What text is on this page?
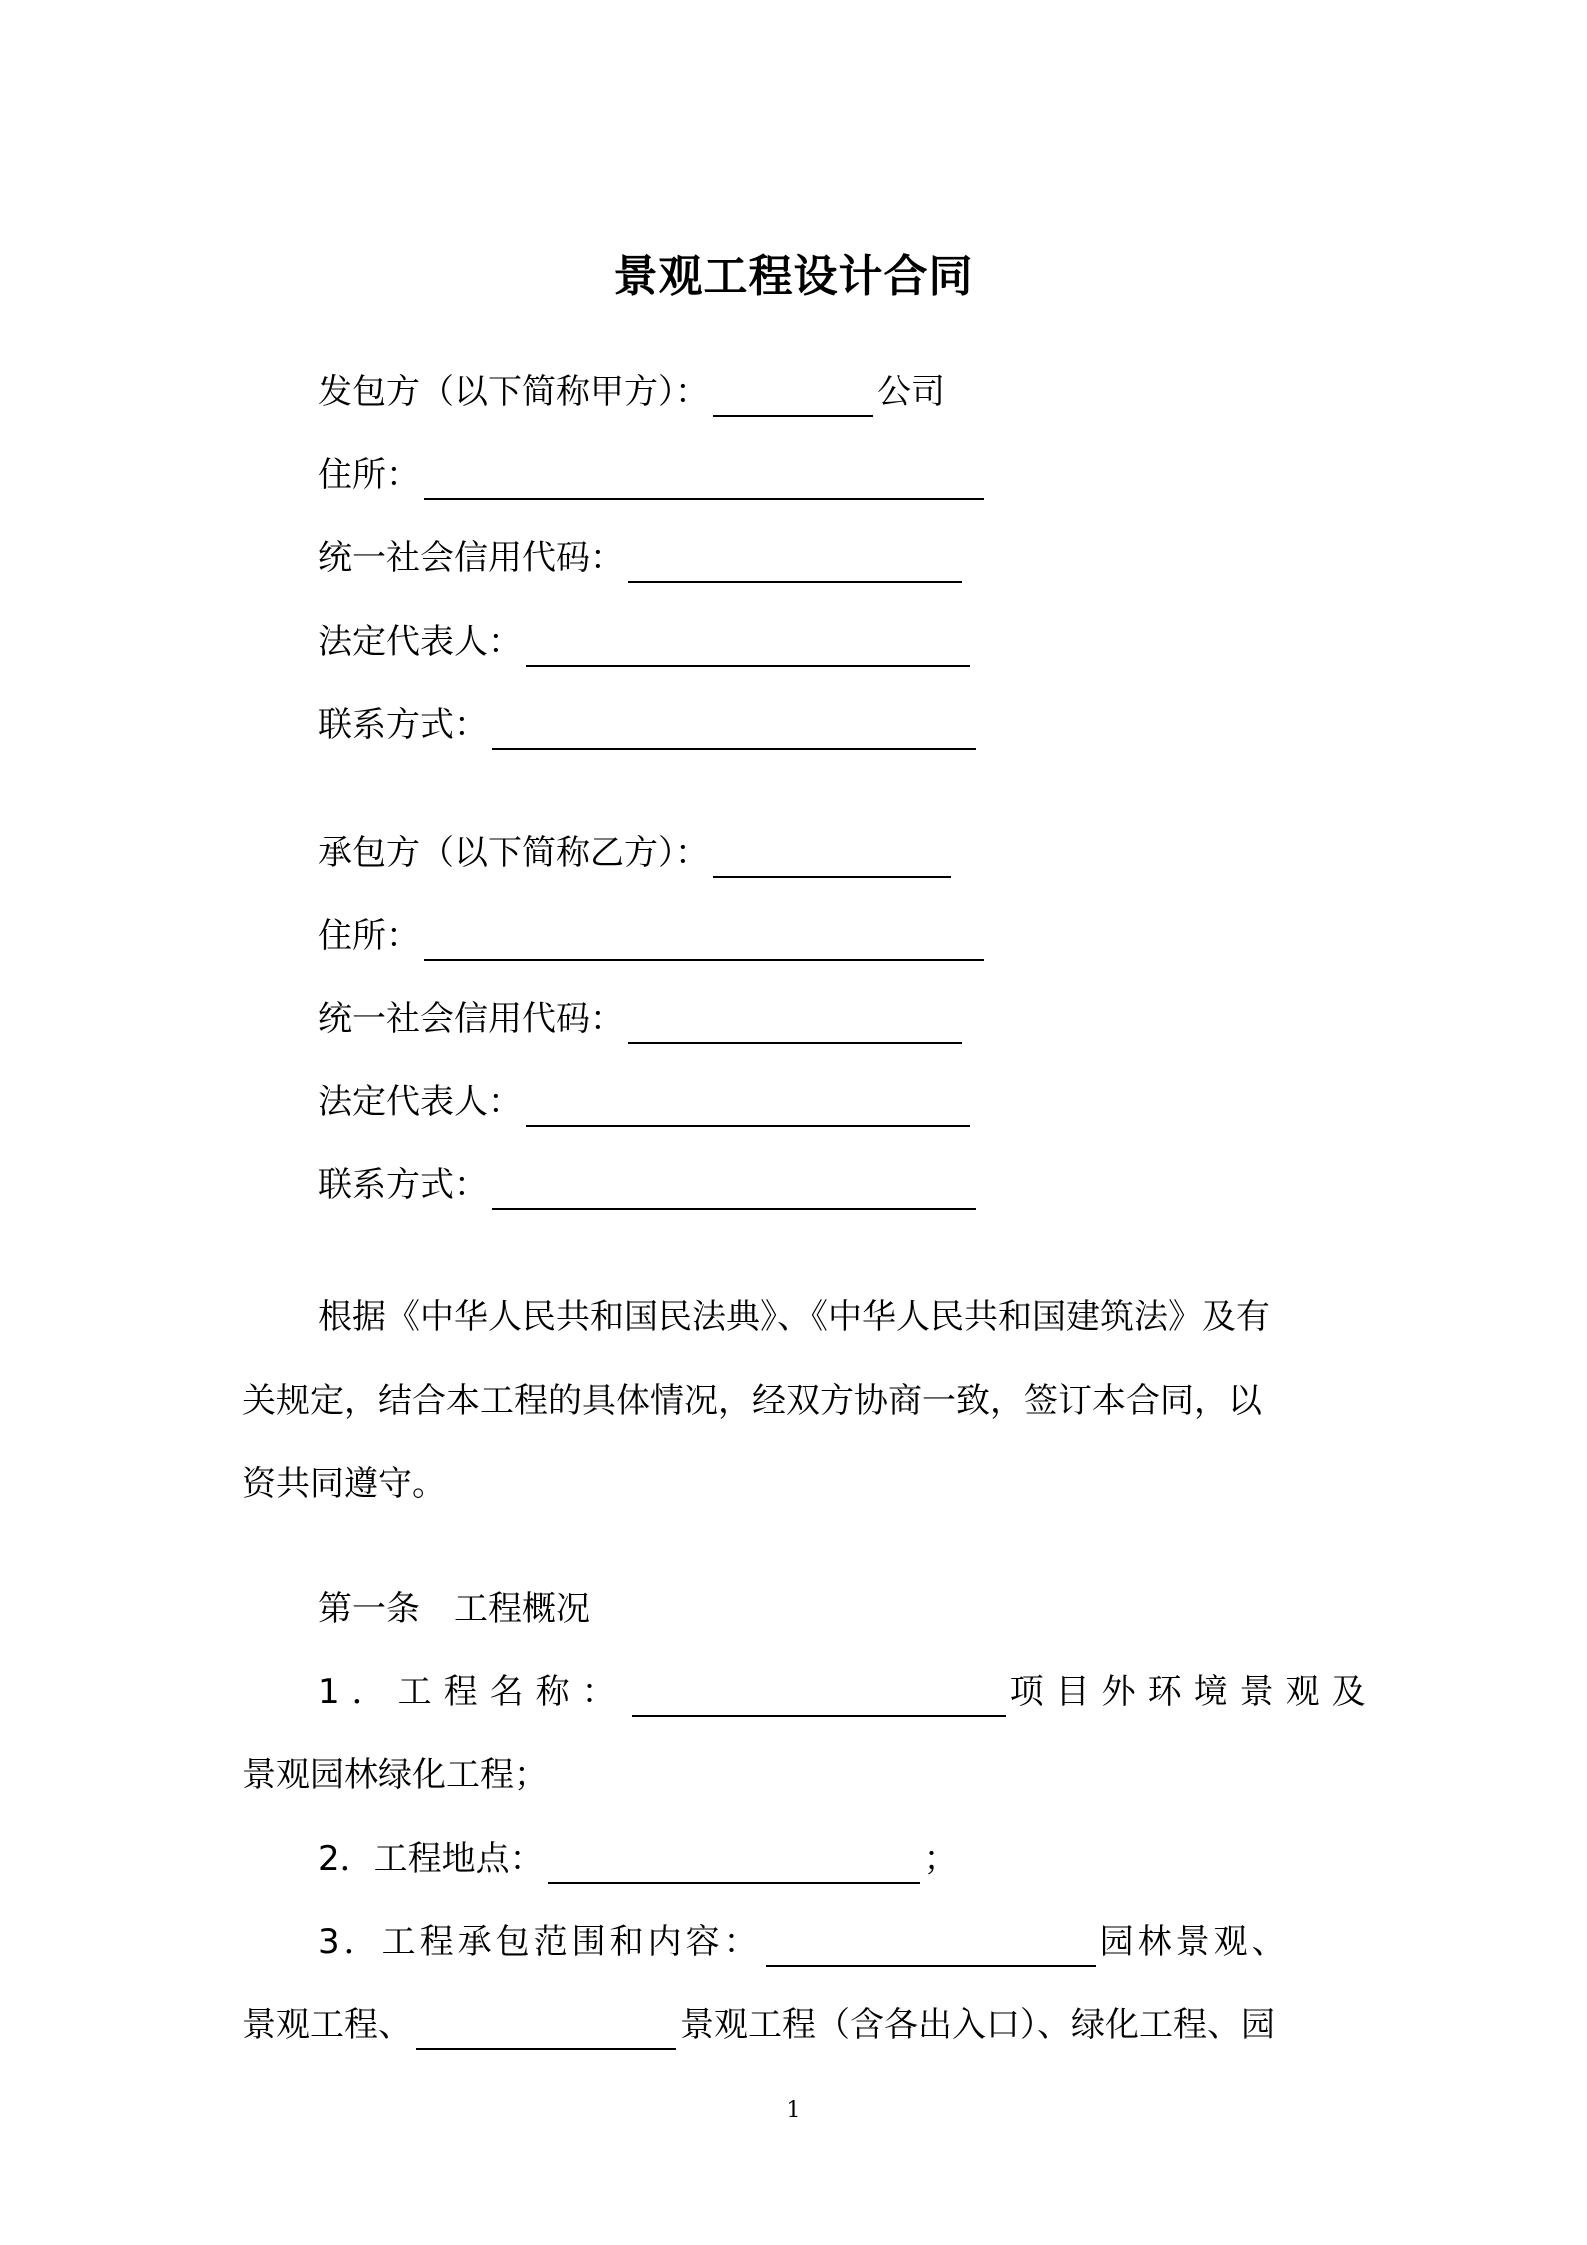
景观工程设计合同
发包方（以下简称甲方）：	公司
住所：
统一社会信用代码：
法定代表人：
联系方式：
承包方（以下简称乙方）：
住所：
统一社会信用代码：
法定代表人：
联系方式：
根据《中华人民共和国民法典》、《中华人民共和国建筑法》及有
关规定，结合本工程的具体情况，经双方协商一致，签订本合同，以
资共同遵守。
第一条　工程概况
1．工程名称：	项目外环境景观及
景观园林绿化工程；
2．工程地点：	；
3．工程承包范围和内容：	园林景观、
景观工程、	景观工程（含各出入口）、绿化工程、园
1
